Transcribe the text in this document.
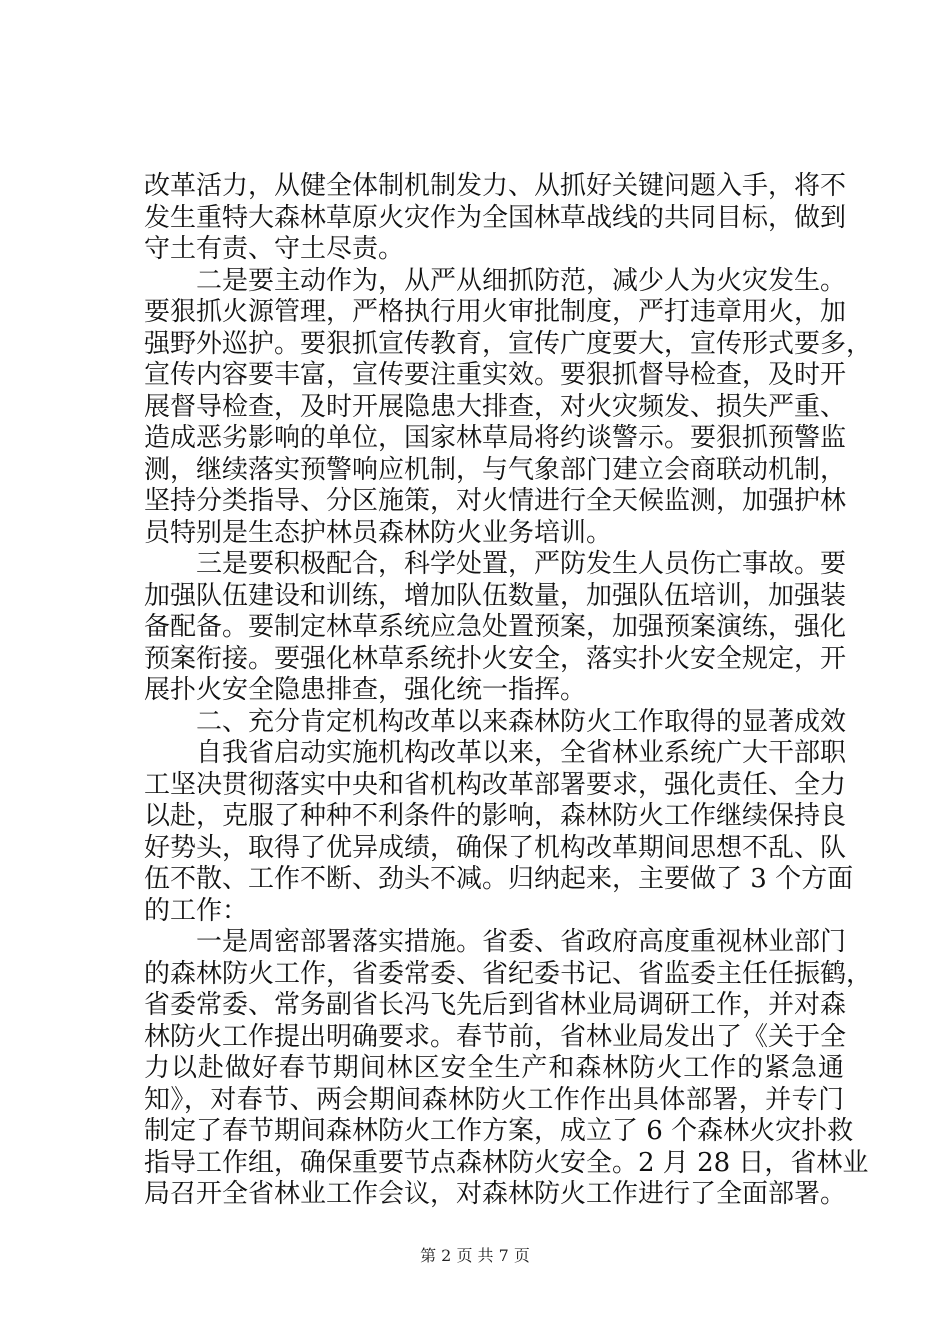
改革活力，从健全体制机制发力、从抓好关键问题入手，将不
发生重特大森林草原火灾作为全国林草战线的共同目标，做到
守土有责、守土尽责。
二是要主动作为，从严从细抓防范，减少人为火灾发生。
要狠抓火源管理，严格执行用火审批制度，严打违章用火，加
强野外巡护。要狠抓宣传教育，宣传广度要大，宣传形式要多，
宣传内容要丰富，宣传要注重实效。要狠抓督导检查，及时开
展督导检查，及时开展隐患大排查，对火灾频发、损失严重、
造成恶劣影响的单位，国家林草局将约谈警示。要狠抓预警监
测，继续落实预警响应机制，与气象部门建立会商联动机制，
坚持分类指导、分区施策，对火情进行全天候监测，加强护林
员特别是生态护林员森林防火业务培训。
三是要积极配合，科学处置，严防发生人员伤亡事故。要
加强队伍建设和训练，增加队伍数量，加强队伍培训，加强装
备配备。要制定林草系统应急处置预案，加强预案演练，强化
预案衔接。要强化林草系统扑火安全，落实扑火安全规定，开
展扑火安全隐患排查，强化统一指挥。
二、充分肯定机构改革以来森林防火工作取得的显著成效
自我省启动实施机构改革以来，全省林业系统广大干部职
工坚决贯彻落实中央和省机构改革部署要求，强化责任、全力
以赴，克服了种种不利条件的影响，森林防火工作继续保持良
好势头，取得了优异成绩，确保了机构改革期间思想不乱、队
伍不散、工作不断、劲头不减。归纳起来，主要做了 3 个方面
的工作：
一是周密部署落实措施。省委、省政府高度重视林业部门
的森林防火工作，省委常委、省纪委书记、省监委主任任振鹤，
省委常委、常务副省长冯飞先后到省林业局调研工作，并对森
林防火工作提出明确要求。春节前，省林业局发出了《关于全
力以赴做好春节期间林区安全生产和森林防火工作的紧急通
知》，对春节、两会期间森林防火工作作出具体部署，并专门
制定了春节期间森林防火工作方案，成立了 6 个森林火灾扑救
指导工作组，确保重要节点森林防火安全。2 月 28 日，省林业
局召开全省林业工作会议，对森林防火工作进行了全面部署。
第 2 页 共 7 页
